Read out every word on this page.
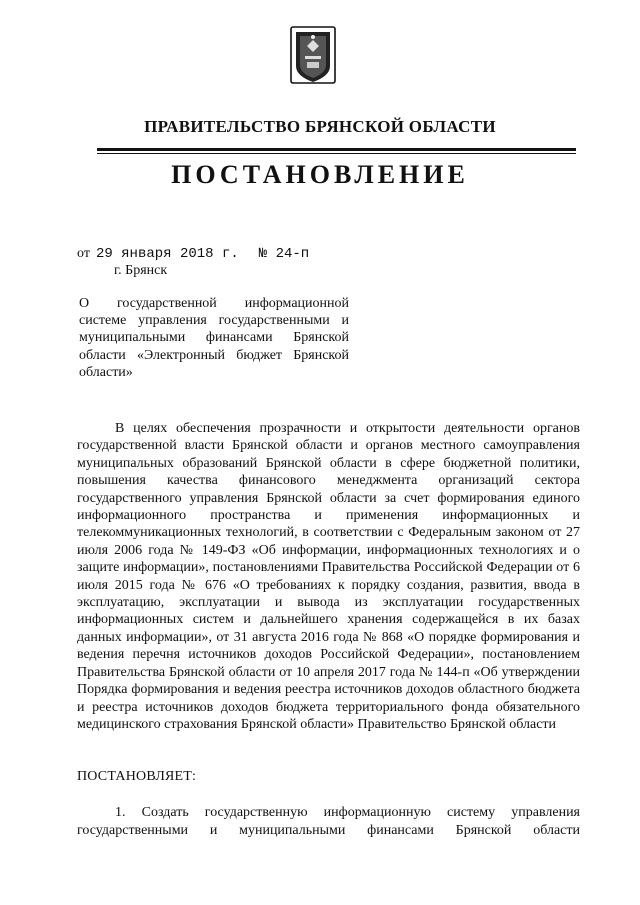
ПРАВИТЕЛЬСТВО БРЯНСКОЙ ОБЛАСТИ
ПОСТАНОВЛЕНИЕ
от 29 января 2018 г. № 24-п
г. Брянск
О государственной информационной системе управления государственными и муниципальными финансами Брянской области «Электронный бюджет Брянской области»
В целях обеспечения прозрачности и открытости деятельности органов государственной власти Брянской области и органов местного самоуправления муниципальных образований Брянской области в сфере бюджетной политики, повышения качества финансового менеджмента организаций сектора государственного управления Брянской области за счет формирования единого информационного пространства и применения информационных и телекоммуникационных технологий, в соответствии с Федеральным законом от 27 июля 2006 года № 149-ФЗ «Об информации, информационных технологиях и о защите информации», постановлениями Правительства Российской Федерации от 6 июля 2015 года № 676 «О требованиях к порядку создания, развития, ввода в эксплуатацию, эксплуатации и вывода из эксплуатации государственных информационных систем и дальнейшего хранения содержащейся в их базах данных информации», от 31 августа 2016 года № 868 «О порядке формирования и ведения перечня источников доходов Российской Федерации», постановлением Правительства Брянской области от 10 апреля 2017 года № 144-п «Об утверждении Порядка формирования и ведения реестра источников доходов областного бюджета и реестра источников доходов бюджета территориального фонда обязательного медицинского страхования Брянской области» Правительство Брянской области
ПОСТАНОВЛЯЕТ:
1. Создать государственную информационную систему управления государственными и муниципальными финансами Брянской области
